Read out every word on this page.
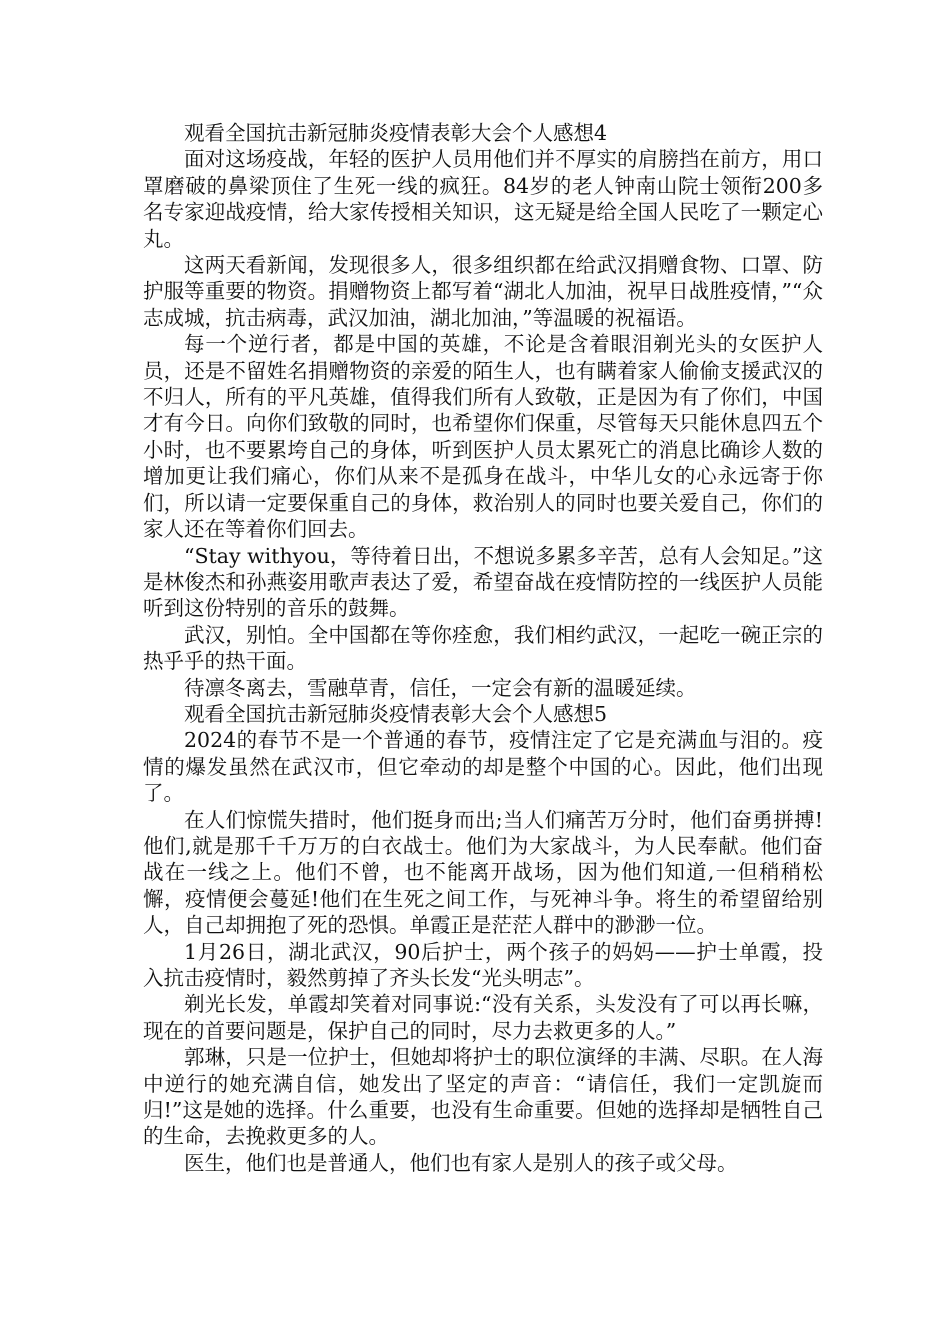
观看全国抗击新冠肺炎疫情表彰大会个人感想4

面对这场疫战，年轻的医护人员用他们并不厚实的肩膀挡在前方，用口罩磨破的鼻梁顶住了生死一线的疯狂。84岁的老人钟南山院士领衔200多名专家迎战疫情，给大家传授相关知识，这无疑是给全国人民吃了一颗定心丸。

这两天看新闻，发现很多人，很多组织都在给武汉捐赠食物、口罩、防护服等重要的物资。捐赠物资上都写着“湖北人加油，祝早日战胜疫情，”“众志成城，抗击病毒，武汉加油，湖北加油，”等温暖的祝福语。

每一个逆行者，都是中国的英雄，不论是含着眼泪剃光头的女医护人员，还是不留姓名捐赠物资的亲爱的陌生人，也有瞒着家人偷偷支援武汉的不归人，所有的平凡英雄，值得我们所有人致敬，正是因为有了你们，中国才有今日。向你们致敬的同时，也希望你们保重，尽管每天只能休息四五个小时，也不要累垮自己的身体，听到医护人员太累死亡的消息比确诊人数的增加更让我们痛心，你们从来不是孤身在战斗，中华儿女的心永远寄于你们，所以请一定要保重自己的身体，救治别人的同时也要关爱自己，你们的家人还在等着你们回去。

“Stay withyou，等待着日出，不想说多累多辛苦，总有人会知足。”这是林俊杰和孙燕姿用歌声表达了爱，希望奋战在疫情防控的一线医护人员能听到这份特别的音乐的鼓舞。

武汉，别怕。全中国都在等你痊愈，我们相约武汉，一起吃一碗正宗的热乎乎的热干面。

待凛冬离去，雪融草青，信任，一定会有新的温暖延续。

观看全国抗击新冠肺炎疫情表彰大会个人感想5

2024的春节不是一个普通的春节，疫情注定了它是充满血与泪的。疫情的爆发虽然在武汉市，但它牵动的却是整个中国的心。因此，他们出现了。

在人们惊慌失措时，他们挺身而出;当人们痛苦万分时，他们奋勇拼搏!他们,就是那千千万万的白衣战士。他们为大家战斗，为人民奉献。他们奋战在一线之上。他们不曾，也不能离开战场，因为他们知道,一但稍稍松懈，疫情便会蔓延!他们在生死之间工作，与死神斗争。将生的希望留给别人，自己却拥抱了死的恐惧。单霞正是茫茫人群中的渺渺一位。

1月26日，湖北武汉，90后护士，两个孩子的妈妈——护士单霞，投入抗击疫情时，毅然剪掉了齐头长发“光头明志”。

剃光长发，单霞却笑着对同事说:“没有关系，头发没有了可以再长嘛，现在的首要问题是，保护自己的同时，尽力去救更多的人。”

郭琳，只是一位护士，但她却将护士的职位演绎的丰满、尽职。在人海中逆行的她充满自信，她发出了坚定的声音：“请信任，我们一定凯旋而归!”这是她的选择。什么重要，也没有生命重要。但她的选择却是牺牲自己的生命，去挽救更多的人。

医生，他们也是普通人，他们也有家人是别人的孩子或父母。
